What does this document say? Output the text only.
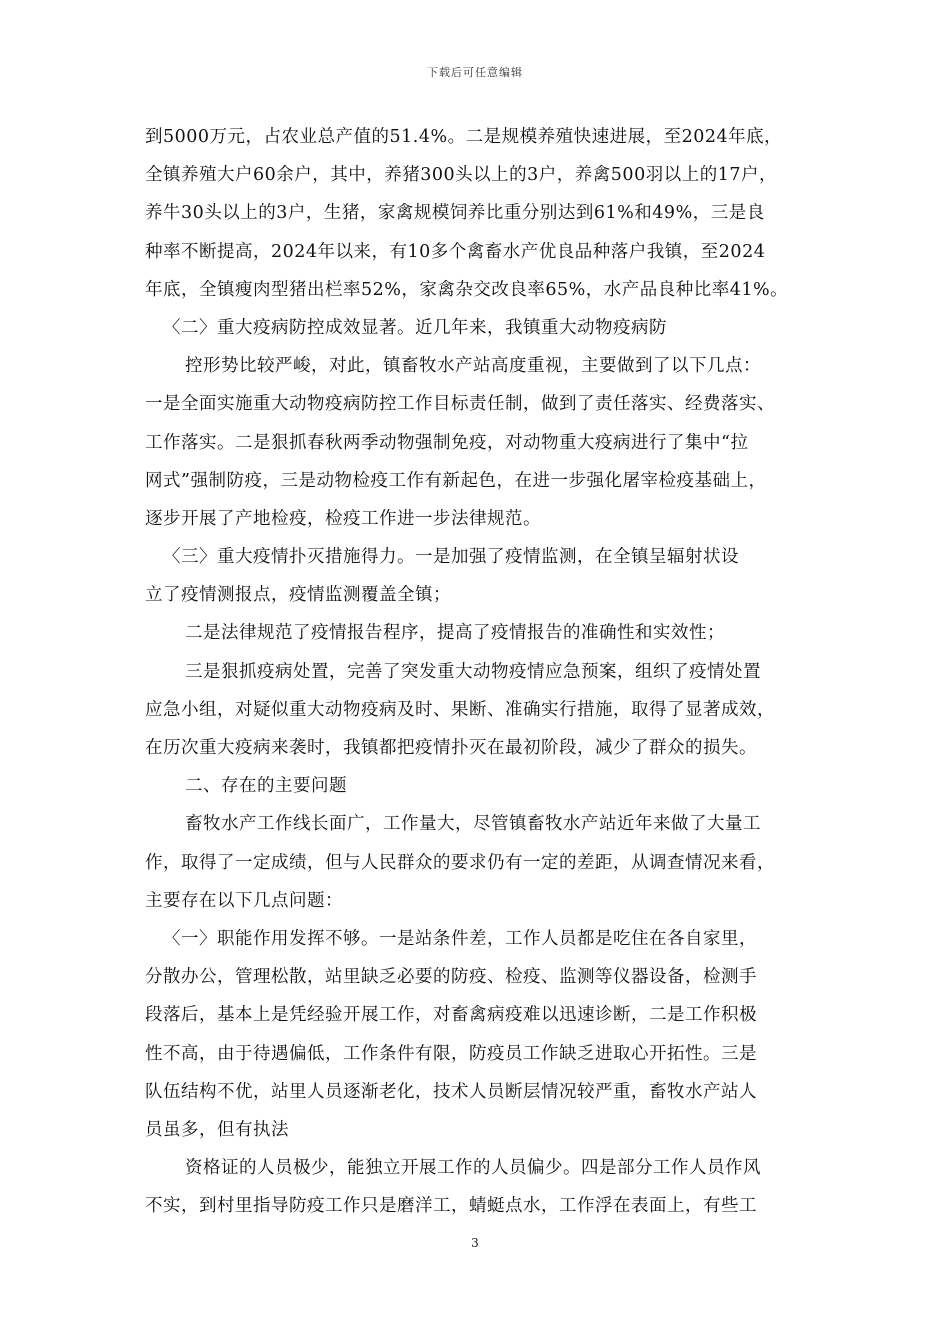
下载后可任意编辑
到5000万元，占农业总产值的51.4%。二是规模养殖快速进展，至2024年底，
全镇养殖大户60余户，其中，养猪300头以上的3户，养禽500羽以上的17户，
养牛30头以上的3户，生猪，家禽规模饲养比重分别达到61%和49%，三是良
种率不断提高，2024年以来，有10多个禽畜水产优良品种落户我镇，至2024
年底，全镇瘦肉型猪出栏率52%，家禽杂交改良率65%，水产品良种比率41%。
〈二〉重大疫病防控成效显著。近几年来，我镇重大动物疫病防
控形势比较严峻，对此，镇畜牧水产站高度重视，主要做到了以下几点：
一是全面实施重大动物疫病防控工作目标责任制，做到了责任落实、经费落实、
工作落实。二是狠抓春秋两季动物强制免疫，对动物重大疫病进行了集中“拉
网式”强制防疫，三是动物检疫工作有新起色，在进一步强化屠宰检疫基础上，
逐步开展了产地检疫，检疫工作进一步法律规范。
〈三〉重大疫情扑灭措施得力。一是加强了疫情监测，在全镇呈辐射状设
立了疫情测报点，疫情监测覆盖全镇；
二是法律规范了疫情报告程序，提高了疫情报告的准确性和实效性；
三是狠抓疫病处置，完善了突发重大动物疫情应急预案，组织了疫情处置
应急小组，对疑似重大动物疫病及时、果断、准确实行措施，取得了显著成效，
在历次重大疫病来袭时，我镇都把疫情扑灭在最初阶段，减少了群众的损失。
二、存在的主要问题
畜牧水产工作线长面广，工作量大，尽管镇畜牧水产站近年来做了大量工
作，取得了一定成绩，但与人民群众的要求仍有一定的差距，从调查情况来看，
主要存在以下几点问题：
〈一〉职能作用发挥不够。一是站条件差，工作人员都是吃住在各自家里，
分散办公，管理松散，站里缺乏必要的防疫、检疫、监测等仪器设备，检测手
段落后，基本上是凭经验开展工作，对畜禽病疫难以迅速诊断，二是工作积极
性不高，由于待遇偏低，工作条件有限，防疫员工作缺乏进取心开拓性。三是
队伍结构不优，站里人员逐渐老化，技术人员断层情况较严重，畜牧水产站人
员虽多，但有执法
资格证的人员极少，能独立开展工作的人员偏少。四是部分工作人员作风
不实，到村里指导防疫工作只是磨洋工，蜻蜓点水，工作浮在表面上，有些工
3
